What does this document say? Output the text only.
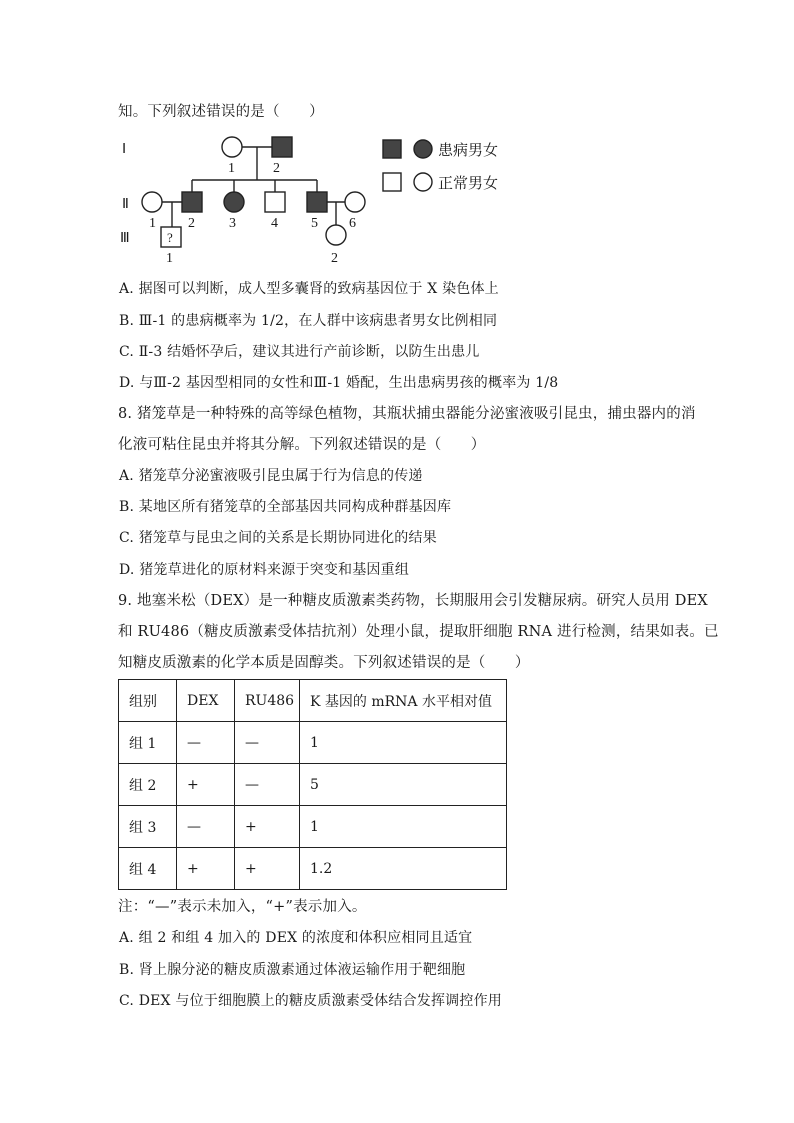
知。下列叙述错误的是（　　）
Ⅰ
Ⅱ
Ⅲ
1	2
1 2 3	4 5 6
1	2
?
患病男女
正常男女
A. 据图可以判断，成人型多囊肾的致病基因位于 X 染色体上
B. Ⅲ-1 的患病概率为 1/2，在人群中该病患者男女比例相同
C. Ⅱ-3 结婚怀孕后，建议其进行产前诊断，以防生出患儿
D. 与Ⅲ-2 基因型相同的女性和Ⅲ-1 婚配，生出患病男孩的概率为 1/8
8. 猪笼草是一种特殊的高等绿色植物，其瓶状捕虫器能分泌蜜液吸引昆虫，捕虫器内的消
化液可粘住昆虫并将其分解。下列叙述错误的是（　　）
A. 猪笼草分泌蜜液吸引昆虫属于行为信息的传递
B. 某地区所有猪笼草的全部基因共同构成种群基因库
C. 猪笼草与昆虫之间的关系是长期协同进化的结果
D. 猪笼草进化的原材料来源于突变和基因重组
9. 地塞米松（DEX）是一种糖皮质激素类药物，长期服用会引发糖尿病。研究人员用 DEX
和 RU486（糖皮质激素受体拮抗剂）处理小鼠，提取肝细胞 RNA 进行检测，结果如表。已
知糖皮质激素的化学本质是固醇类。下列叙述错误的是（　　）
组别	DEX	RU486	K 基因的 mRNA 水平相对值
组 1	—	—	1
组 2	+	—	5
组 3	—	+	1
组 4	+	+	1.2
注：“—”表示未加入，“+”表示加入。
A. 组 2 和组 4 加入的 DEX 的浓度和体积应相同且适宜
B. 肾上腺分泌的糖皮质激素通过体液运输作用于靶细胞
C. DEX 与位于细胞膜上的糖皮质激素受体结合发挥调控作用
